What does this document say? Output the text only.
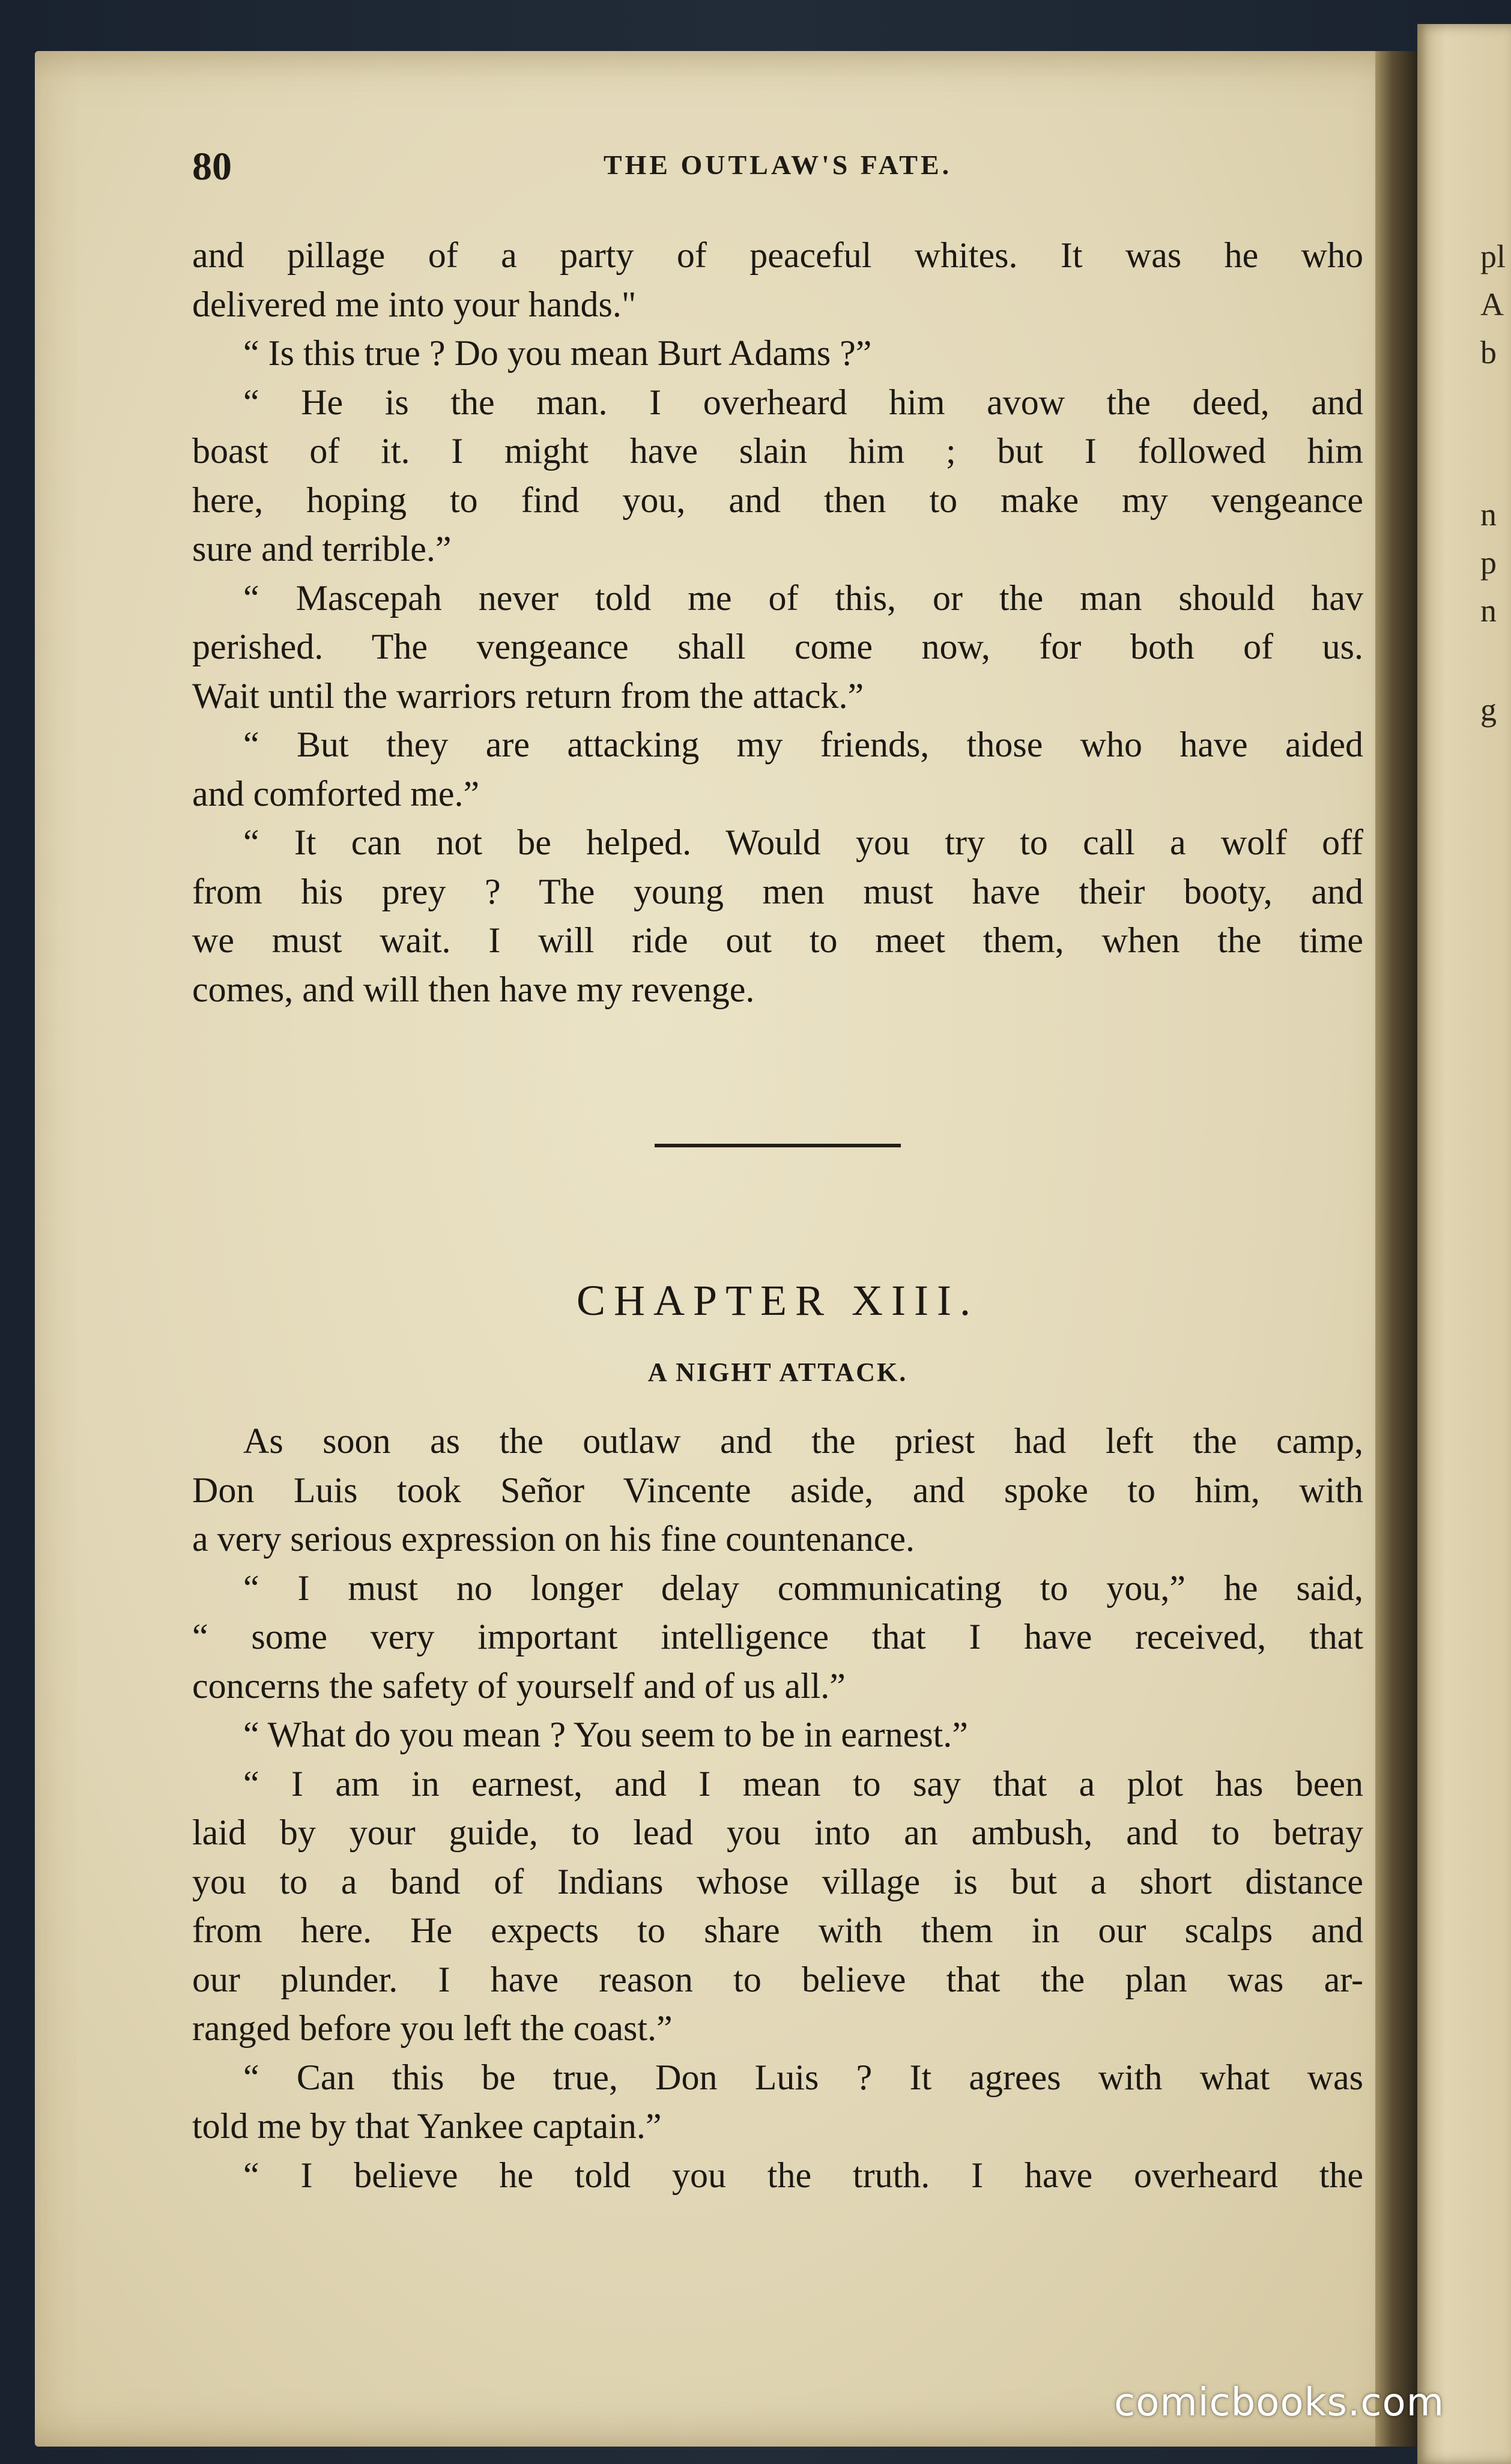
pl
A
b
n
p
n
g
80	THE OUTLAW'S FATE.

and pillage of a party of peaceful whites. It was he who

delivered me into your hands."

“ Is this true ? Do you mean Burt Adams ?”

“ He is the man. I overheard him avow the deed, and

boast of it. I might have slain him ; but I followed him

here, hoping to find you, and then to make my vengeance

sure and terrible.”

“ Mascepah never told me of this, or the man should hav

perished. The vengeance shall come now, for both of us.

Wait until the warriors return from the attack.”

“ But they are attacking my friends, those who have aided

and comforted me.”

“ It can not be helped. Would you try to call a wolf off

from his prey ? The young men must have their booty, and

we must wait. I will ride out to meet them, when the time

comes, and will then have my revenge.

CHAPTER XIII.
A NIGHT ATTACK.

As soon as the outlaw and the priest had left the camp,

Don Luis took Señor Vincente aside, and spoke to him, with

a very serious expression on his fine countenance.

“ I must no longer delay communicating to you,” he said,

“ some very important intelligence that I have received, that

concerns the safety of yourself and of us all.”

“ What do you mean ? You seem to be in earnest.”

“ I am in earnest, and I mean to say that a plot has been

laid by your guide, to lead you into an ambush, and to betray

you to a band of Indians whose village is but a short distance

from here. He expects to share with them in our scalps and

our plunder. I have reason to believe that the plan was ar-

ranged before you left the coast.”

“ Can this be true, Don Luis ? It agrees with what was

told me by that Yankee captain.”

“ I believe he told you the truth. I have overheard the

comicbooks.com
